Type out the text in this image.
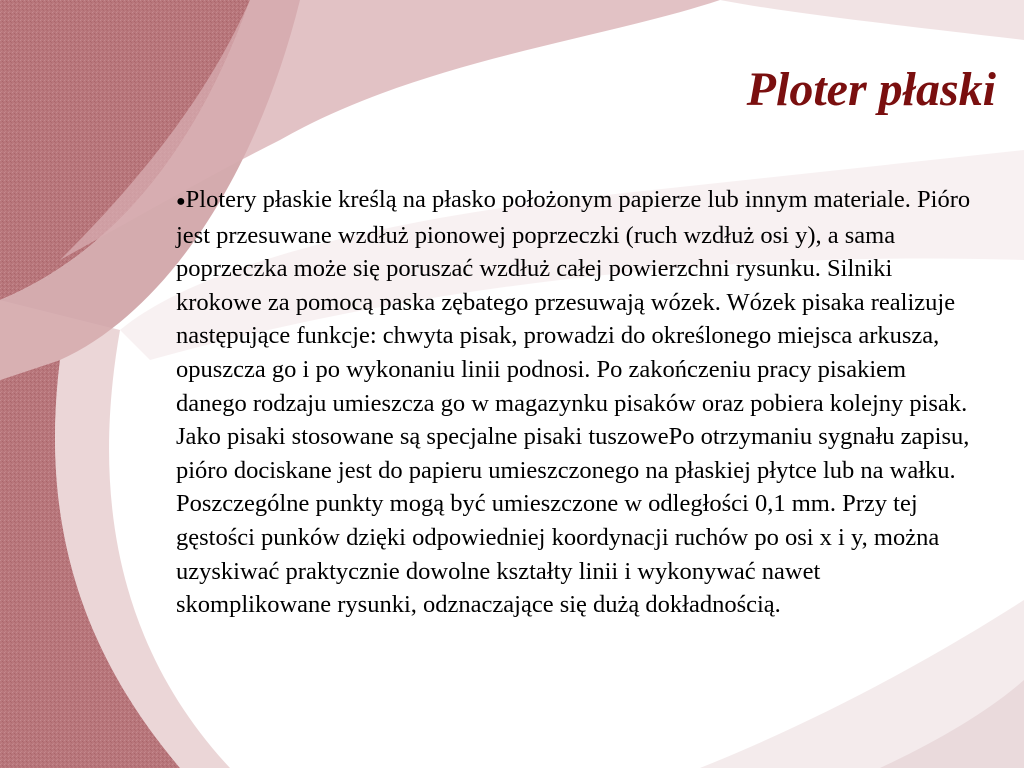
Ploter płaski

●Plotery płaskie kreślą na płasko położonym papierze lub innym materiale. Pióro jest przesuwane wzdłuż pionowej poprzeczki (ruch wzdłuż osi y), a sama poprzeczka może się poruszać wzdłuż całej powierzchni rysunku. Silniki krokowe za pomocą paska zębatego przesuwają wózek. Wózek pisaka realizuje następujące funkcje: chwyta pisak, prowadzi do określonego miejsca arkusza, opuszcza go i po wykonaniu linii podnosi. Po zakończeniu pracy pisakiem danego rodzaju umieszcza go w magazynku pisaków oraz pobiera kolejny pisak. Jako pisaki stosowane są specjalne pisaki tuszowePo otrzymaniu sygnału zapisu, pióro dociskane jest do papieru umieszczonego na płaskiej płytce lub na wałku. Poszczególne punkty mogą być umieszczone w odległości 0,1 mm. Przy tej gęstości punków dzięki odpowiedniej koordynacji ruchów po osi x i y, można uzyskiwać praktycznie dowolne kształty linii i wykonywać nawet skomplikowane rysunki, odznaczające się dużą dokładnością.
